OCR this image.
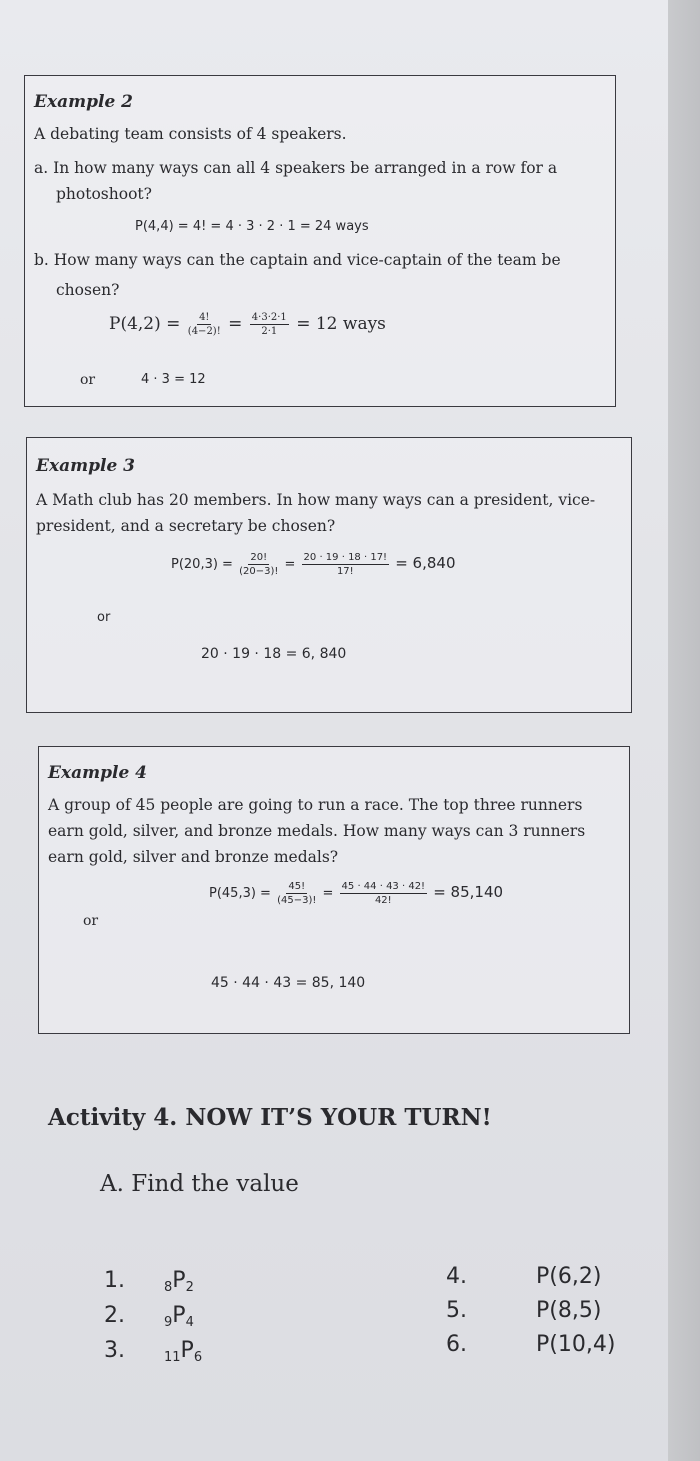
Example 2
A debating team consists of 4 speakers.
a. In how many ways can all 4 speakers be arranged in a row for a
photoshoot?
P(4,4) = 4! = 4 · 3 · 2 · 1 = 24 ways
b. How many ways can the captain and vice-captain of the team be
chosen?
$P(4,2) = \frac{4!}{(4-2)!} = \frac{4\cdot 3\cdot 2\cdot 1}{2\cdot 1} = 12$ ways
or	4 · 3 = 12
Example 3
A Math club has 20 members. In how many ways can a president, vice-
president, and a secretary be chosen?
$P(20,3) = \frac{20!}{(20-3)!} = \frac{20 \cdot 19 \cdot 18 \cdot 17!}{17!} = 6,840$
or
20 · 19 · 18 = 6, 840
Example 4
A group of 45 people are going to run a race. The top three runners
earn gold, silver, and bronze medals. How many ways can 3 runners
earn gold, silver and bronze medals?
$P(45,3) = \frac{45!}{(45-3)!} = \frac{45 \cdot 44 \cdot 43 \cdot 42!}{42!} = 85,140$
or
45 · 44 · 43 = 85, 140
Activity 4. NOW IT’S YOUR TURN!
A. Find the value
1.	8P2
2.	9P4
3.	11P6
4.	P(6,2)
5.	P(8,5)
6.	P(10,4)
